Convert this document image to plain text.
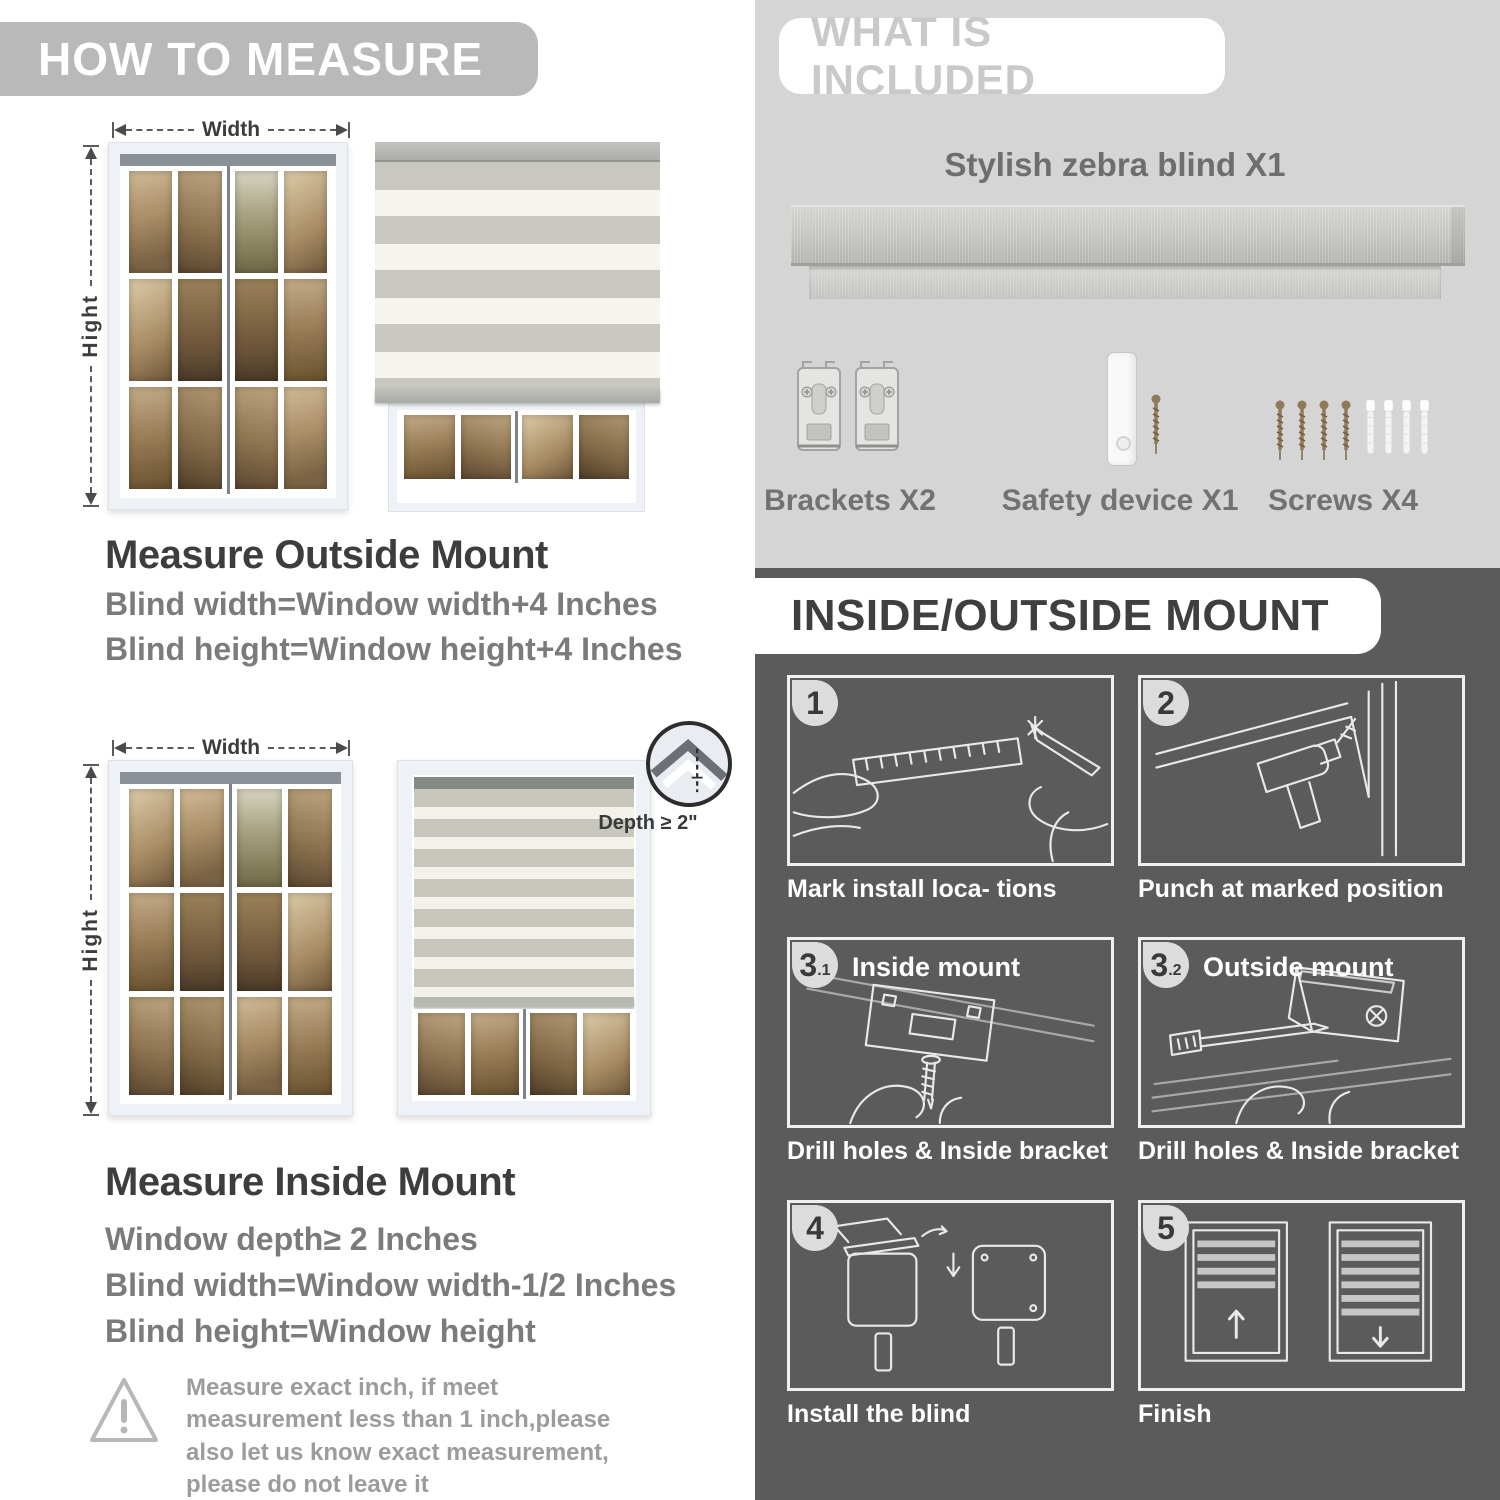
HOW TO MEASURE
Width
Hight
Measure Outside Mount
Blind width=Window width+4 Inches
Blind height=Window height+4 Inches
Width
Hight
Depth ≥ 2"
Measure Inside Mount
Window depth≥ 2 Inches
Blind width=Window width-1/2 Inches
Blind height=Window height
Measure exact inch, if meet measurement less than 1 inch,please also let us know exact measurement, please do not leave it
WHAT IS INCLUDED
Stylish zebra blind X1
Brackets X2	Safety device X1 Screws X4
INSIDE/OUTSIDE MOUNT
1
Mark install loca- tions
2
Punch at marked position
3 .1 Inside mount
Drill holes & Inside bracket
3 .2 Outside mount
Drill holes & Inside bracket
4
Install the blind
5
Finish
